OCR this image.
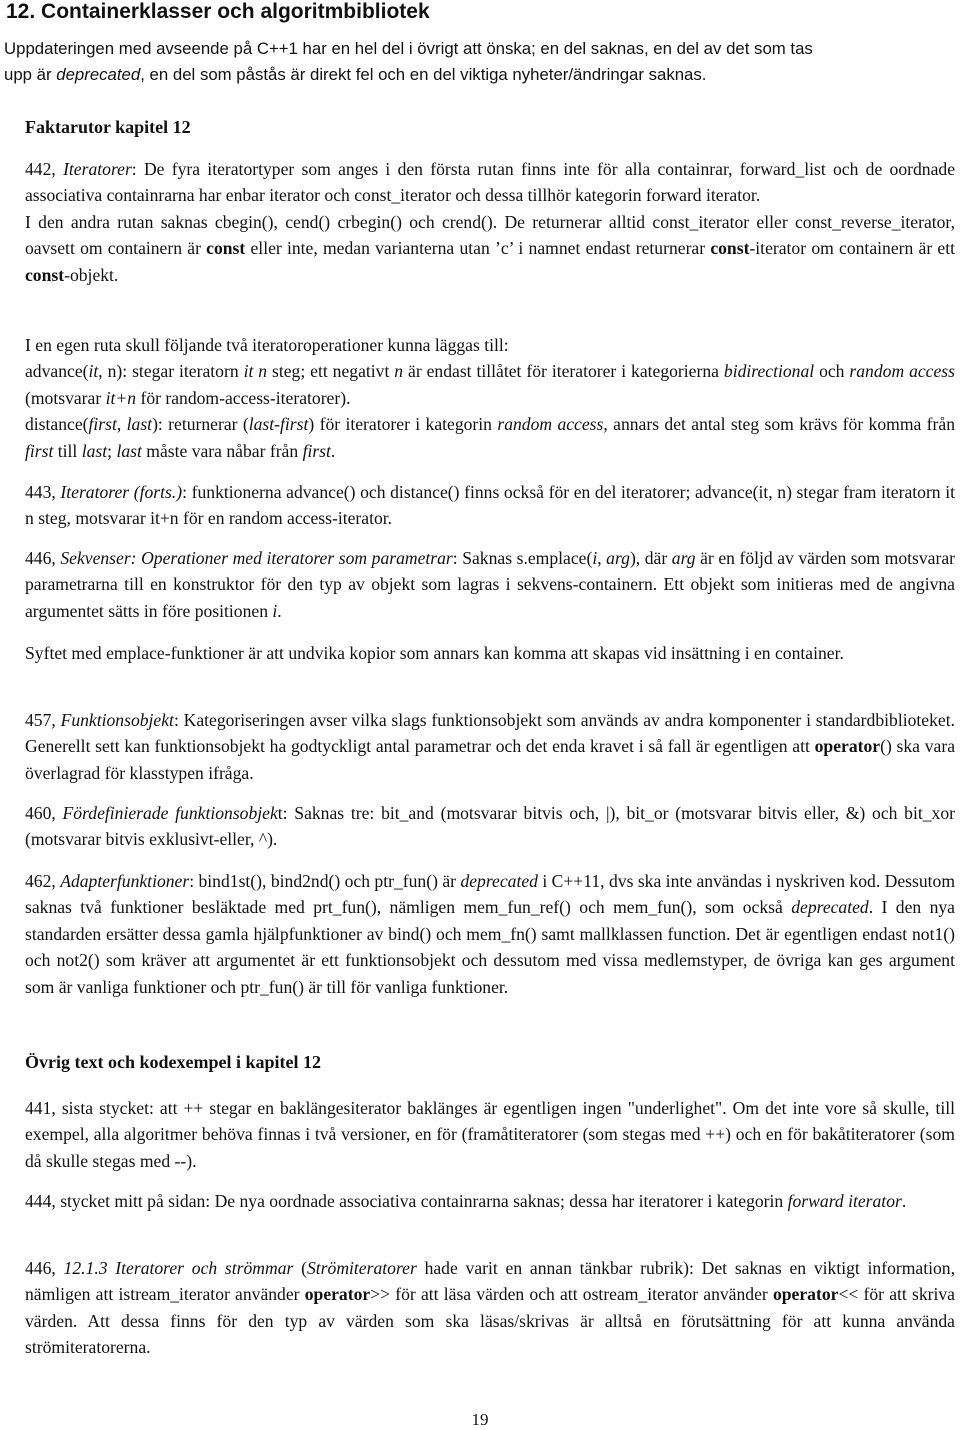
12. Containerklasser och algoritmbibliotek
Uppdateringen med avseende på C++1 har en hel del i övrigt att önska; en del saknas, en del av det som tas
upp är deprecated, en del som påstås är direkt fel och en del viktiga nyheter/ändringar saknas.
Faktarutor kapitel 12

442, Iteratorer: De fyra iteratortyper som anges i den första rutan finns inte för alla containrar, forward_list och de oordnade associativa containrarna har enbar iterator och const_iterator och dessa tillhör kategorin forward iterator.

I den andra rutan saknas cbegin(), cend() crbegin() och crend(). De returnerar alltid const_iterator eller const_reverse_iterator, oavsett om containern är const eller inte, medan varianterna utan ’c’ i namnet endast returnerar const-iterator om containern är ett const-objekt.

I en egen ruta skull följande två iteratoroperationer kunna läggas till:

advance(it, n): stegar iteratorn it n steg; ett negativt n är endast tillåtet för iteratorer i kategorierna bidirectional och random access (motsvarar it+n för random-access-iteratorer).

distance(first, last): returnerar (last-first) för iteratorer i kategorin random access, annars det antal steg som krävs för komma från first till last; last måste vara nåbar från first.

443, Iteratorer (forts.): funktionerna advance() och distance() finns också för en del iteratorer; advance(it, n) stegar fram iteratorn it n steg, motsvarar it+n för en random access-iterator.

446, Sekvenser: Operationer med iteratorer som parametrar: Saknas s.emplace(i, arg), där arg är en följd av värden som motsvarar parametrarna till en konstruktor för den typ av objekt som lagras i sekvens-containern. Ett objekt som initieras med de angivna argumentet sätts in före positionen i.

Syftet med emplace-funktioner är att undvika kopior som annars kan komma att skapas vid insättning i en container.

457, Funktionsobjekt: Kategoriseringen avser vilka slags funktionsobjekt som används av andra komponenter i standardbiblioteket. Generellt sett kan funktionsobjekt ha godtyckligt antal parametrar och det enda kravet i så fall är egentligen att operator() ska vara överlagrad för klasstypen ifråga.

460, Fördefinierade funktionsobjekt: Saknas tre: bit_and (motsvarar bitvis och, |), bit_or (motsvarar bitvis eller, &) och bit_xor (motsvarar bitvis exklusivt-eller, ^).

462, Adapterfunktioner: bind1st(), bind2nd() och ptr_fun() är deprecated i C++11, dvs ska inte användas i nyskriven kod. Dessutom saknas två funktioner besläktade med prt_fun(), nämligen mem_fun_ref() och mem_fun(), som också deprecated. I den nya standarden ersätter dessa gamla hjälpfunktioner av bind() och mem_fn() samt mallklassen function. Det är egentligen endast not1() och not2() som kräver att argumentet är ett funktionsobjekt och dessutom med vissa medlemstyper, de övriga kan ges argument som är vanliga funktioner och ptr_fun() är till för vanliga funktioner.

Övrig text och kodexempel i kapitel 12

441, sista stycket: att ++ stegar en baklängesiterator baklänges är egentligen ingen "underlighet". Om det inte vore så skulle, till exempel, alla algoritmer behöva finnas i två versioner, en för (framåtiteratorer (som stegas med ++) och en för bakåtiteratorer (som då skulle stegas med --).

444, stycket mitt på sidan: De nya oordnade associativa containrarna saknas; dessa har iteratorer i kategorin forward iterator.

446, 12.1.3 Iteratorer och strömmar (Strömiteratorer hade varit en annan tänkbar rubrik): Det saknas en viktigt information, nämligen att istream_iterator använder operator>> för att läsa värden och att ostream_iterator använder operator<< för att skriva värden. Att dessa finns för den typ av värden som ska läsas/skrivas är alltså en förutsättning för att kunna använda strömiteratorerna.

19
